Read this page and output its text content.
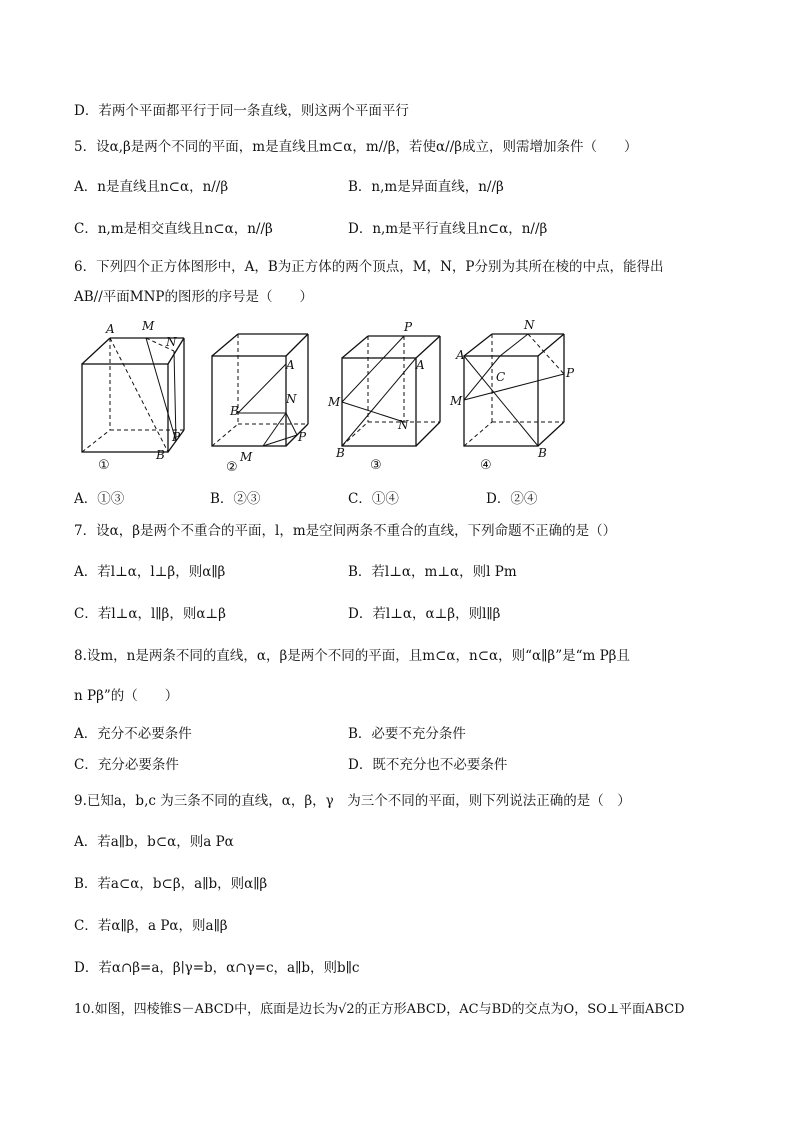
D．若两个平面都平行于同一条直线，则这两个平面平行
5．设α,β是两个不同的平面，m是直线且m⊂α，m//β，若使α//β成立，则需增加条件（　　）
A．n是直线且n⊂α，n//β	B．n,m是异面直线，n//β
C．n,m是相交直线且n⊂α，n//β	D．n,m是平行直线且n⊂α，n//β
6．下列四个正方体图形中，A，B为正方体的两个顶点，M，N，P分别为其所在棱的中点，能得出
AB//平面MNP的图形的序号是（　　）
A M
N
P
B
①
A
B
N
P
M
②
P
A
M
N
B
③
N
A
C	P
M
B
④
A．①③	B．②③	C．①④	D．②④
7．设α，β是两个不重合的平面，l，m是空间两条不重合的直线，下列命题不正确的是（）
A．若l⊥α，l⊥β，则α∥β	B．若l⊥α，m⊥α，则l Pm
C．若l⊥α，l∥β，则α⊥β	D．若l⊥α，α⊥β，则l∥β
8.设m，n是两条不同的直线，α，β是两个不同的平面，且m⊂α，n⊂α，则“α∥β”是“m Pβ且
n Pβ”的（　　）
A．充分不必要条件	B．必要不充分条件
C．充分必要条件	D．既不充分也不必要条件
9.已知a，b,c 为三条不同的直线，α，β，γ　为三个不同的平面，则下列说法正确的是（　）
A．若a∥b，b⊂α，则a Pα
B．若a⊂α，b⊂β，a∥b，则α∥β
C．若α∥β，a Pα，则a∥β
D．若α∩β=a，β∣γ=b，α∩γ=c，a∥b，则b∥c
10.如图，四棱锥S－ABCD中，底面是边长为√2的正方形ABCD，AC与BD的交点为O，SO⊥平面ABCD
